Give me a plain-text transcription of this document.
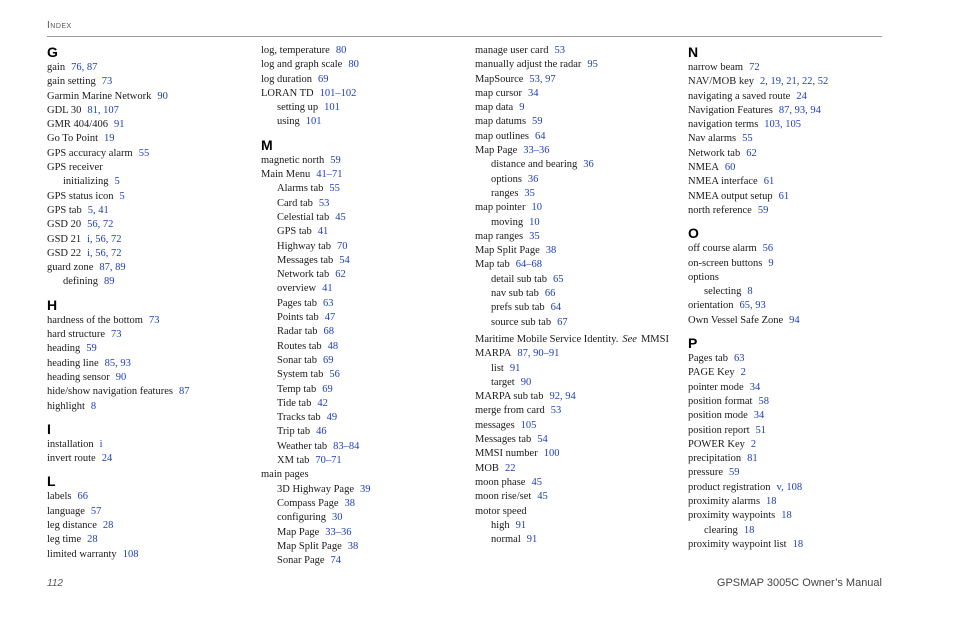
Index
G
gain 76, 87
gain setting 73
Garmin Marine Network 90
GDL 30 81, 107
GMR 404/406 91
Go To Point 19
GPS accuracy alarm 55
GPS receiver
initializing 5
GPS status icon 5
GPS tab 5, 41
GSD 20 56, 72
GSD 21 i, 56, 72
GSD 22 i, 56, 72
guard zone 87, 89
defining 89
H
hardness of the bottom 73
hard structure 73
heading 59
heading line 85, 93
heading sensor 90
hide/show navigation features 87
highlight 8
I
installation i
invert route 24
L
labels 66
language 57
leg distance 28
leg time 28
limited warranty 108
log, temperature 80
log and graph scale 80
log duration 69
LORAN TD 101–102
setting up 101
using 101
M
magnetic north 59
Main Menu 41–71
Alarms tab 55
Card tab 53
Celestial tab 45
GPS tab 41
Highway tab 70
Messages tab 54
Network tab 62
overview 41
Pages tab 63
Points tab 47
Radar tab 68
Routes tab 48
Sonar tab 69
System tab 56
Temp tab 69
Tide tab 42
Tracks tab 49
Trip tab 46
Weather tab 83–84
XM tab 70–71
main pages
3D Highway Page 39
Compass Page 38
configuring 30
Map Page 33–36
Map Split Page 38
Sonar Page 74
manage user card 53
manually adjust the radar 95
MapSource 53, 97
map cursor 34
map data 9
map datums 59
map outlines 64
Map Page 33–36
distance and bearing 36
options 36
ranges 35
map pointer 10
moving 10
map ranges 35
Map Split Page 38
Map tab 64–68
detail sub tab 65
nav sub tab 66
prefs sub tab 64
source sub tab 67
Maritime Mobile Service Identity. See MMSI
MARPA 87, 90–91
list 91
target 90
MARPA sub tab 92, 94
merge from card 53
messages 105
Messages tab 54
MMSI number 100
MOB 22
moon phase 45
moon rise/set 45
motor speed
high 91
normal 91
N
narrow beam 72
NAV/MOB key 2, 19, 21, 22, 52
navigating a saved route 24
Navigation Features 87, 93, 94
navigation terms 103, 105
Nav alarms 55
Network tab 62
NMEA 60
NMEA interface 61
NMEA output setup 61
north reference 59
O
off course alarm 56
on-screen buttons 9
options
selecting 8
orientation 65, 93
Own Vessel Safe Zone 94
P
Pages tab 63
PAGE Key 2
pointer mode 34
position format 58
position mode 34
position report 51
POWER Key 2
precipitation 81
pressure 59
product registration v, 108
proximity alarms 18
proximity waypoints 18
clearing 18
proximity waypoint list 18
112	GPSMAP 3005C Owner’s Manual
